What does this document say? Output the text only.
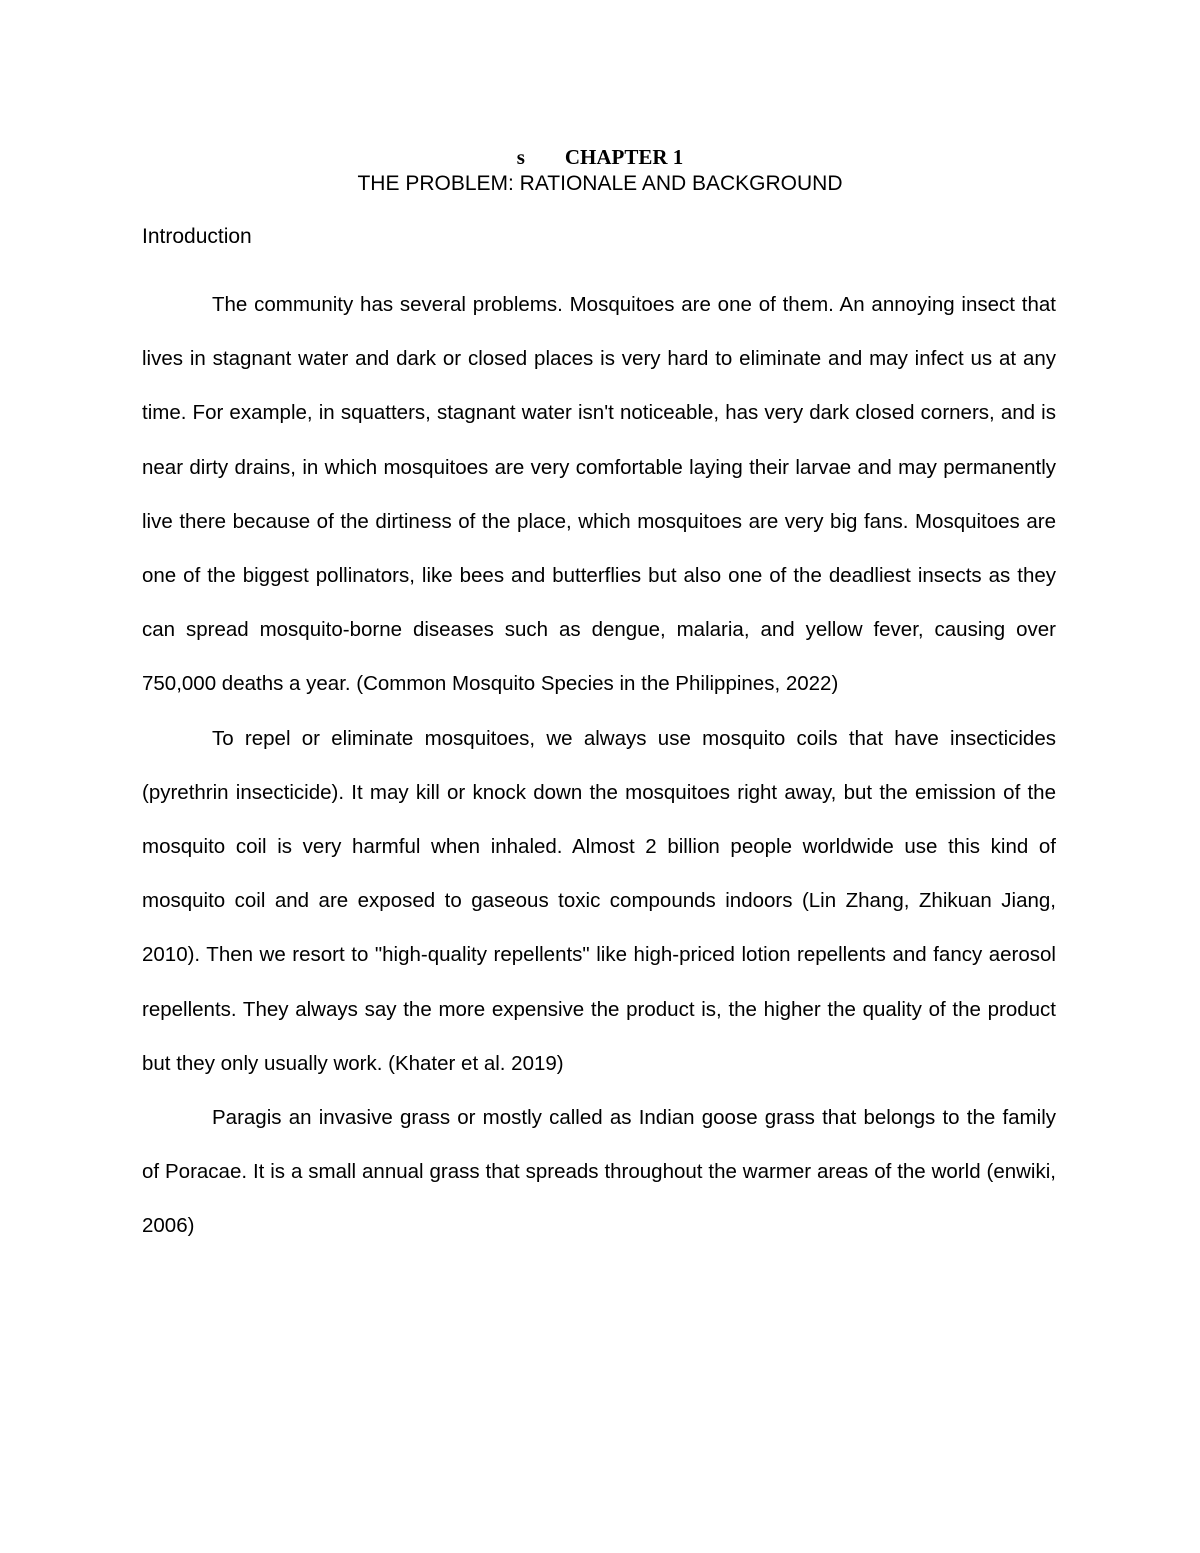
s CHAPTER 1
THE PROBLEM: RATIONALE AND BACKGROUND
Introduction

The community has several problems. Mosquitoes are one of them. An annoying insect that lives in stagnant water and dark or closed places is very hard to eliminate and may infect us at any time. For example, in squatters, stagnant water isn't noticeable, has very dark closed corners, and is near dirty drains, in which mosquitoes are very comfortable laying their larvae and may permanently live there because of the dirtiness of the place, which mosquitoes are very big fans. Mosquitoes are one of the biggest pollinators, like bees and butterflies but also one of the deadliest insects as they can spread mosquito-borne diseases such as dengue, malaria, and yellow fever, causing over 750,000 deaths a year. (Common Mosquito Species in the Philippines, 2022)

To repel or eliminate mosquitoes, we always use mosquito coils that have insecticides (pyrethrin insecticide). It may kill or knock down the mosquitoes right away, but the emission of the mosquito coil is very harmful when inhaled. Almost 2 billion people worldwide use this kind of mosquito coil and are exposed to gaseous toxic compounds indoors (Lin Zhang, Zhikuan Jiang, 2010). Then we resort to "high-quality repellents" like high-priced lotion repellents and fancy aerosol repellents. They always say the more expensive the product is, the higher the quality of the product but they only usually work. (Khater et al. 2019)

Paragis an invasive grass or mostly called as Indian goose grass that belongs to the family of Poracae. It is a small annual grass that spreads throughout the warmer areas of the world (enwiki, 2006)
